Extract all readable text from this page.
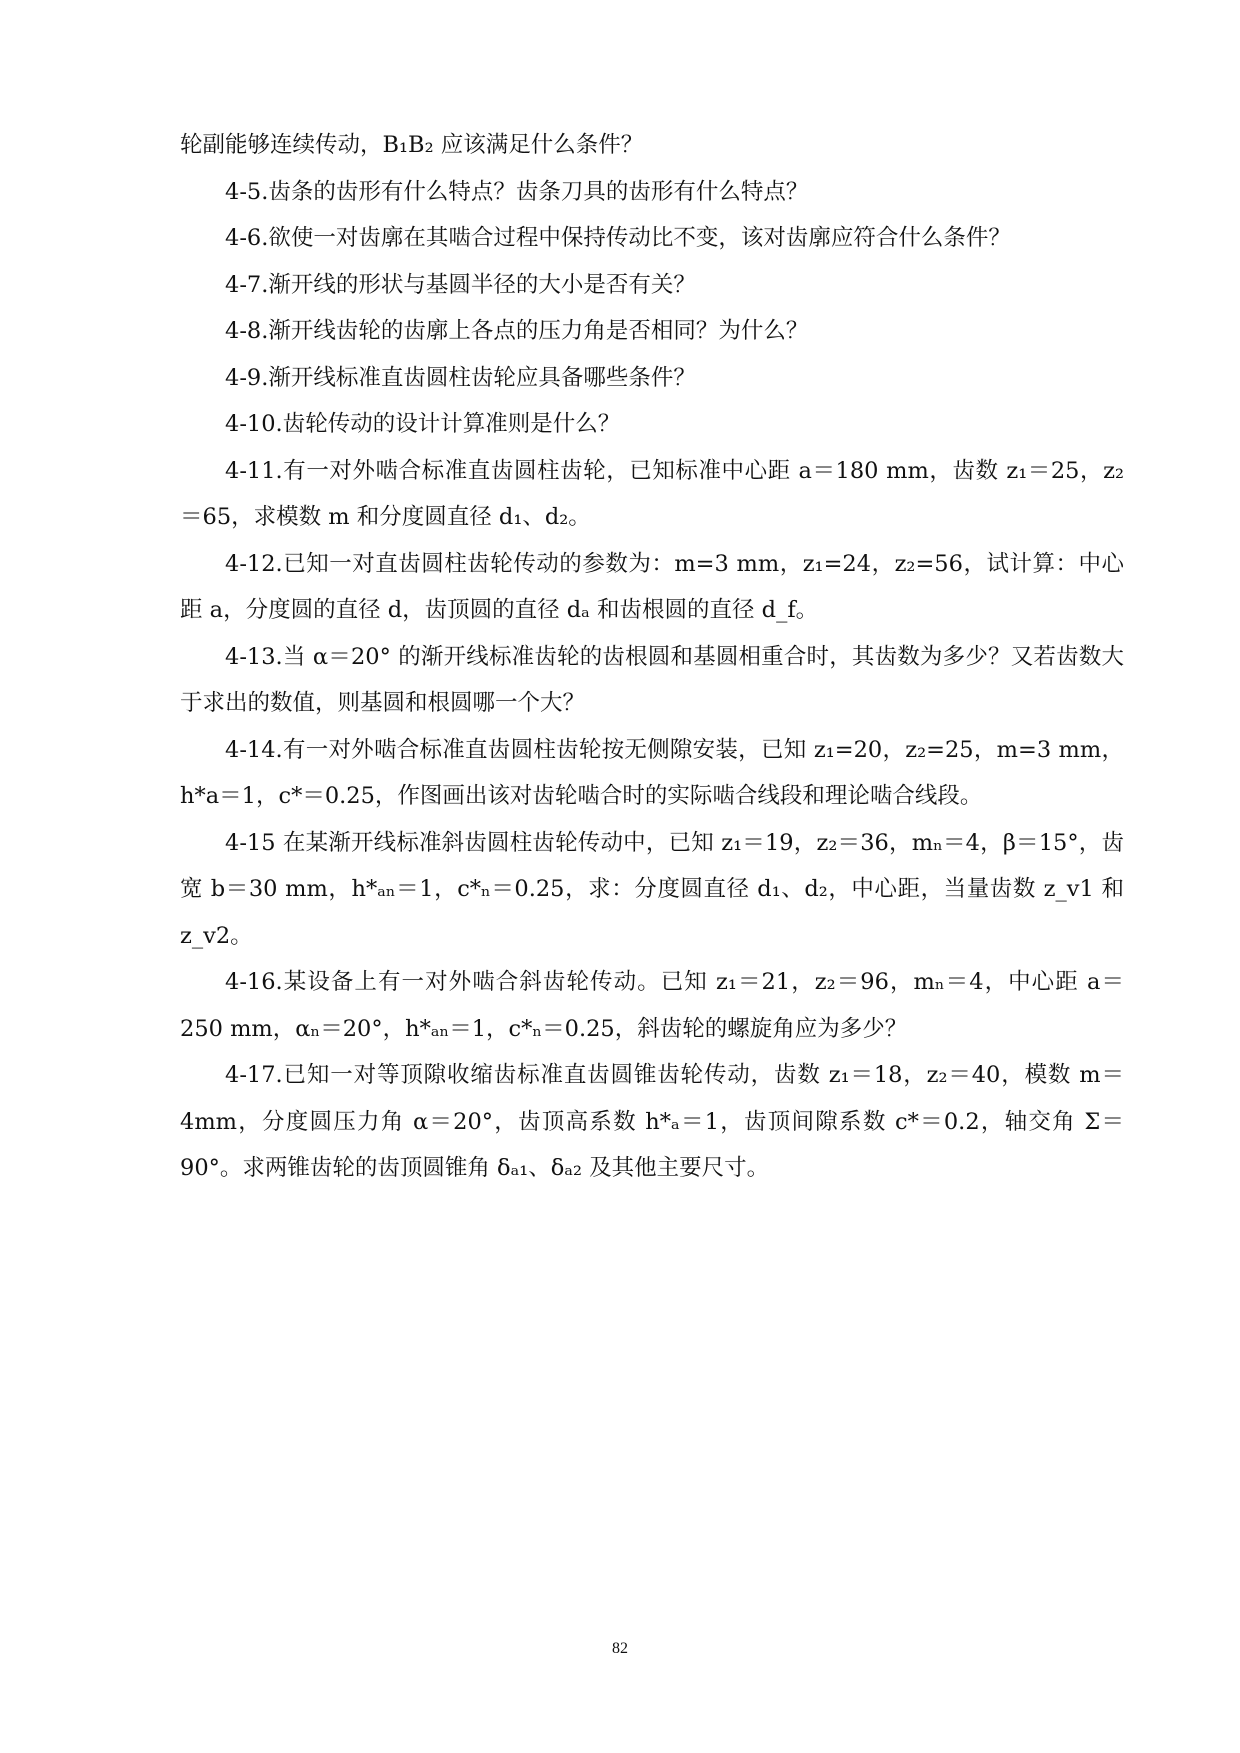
轮副能够连续传动，B₁B₂ 应该满足什么条件？

4-5.齿条的齿形有什么特点？齿条刀具的齿形有什么特点？

4-6.欲使一对齿廓在其啮合过程中保持传动比不变，该对齿廓应符合什么条件？

4-7.渐开线的形状与基圆半径的大小是否有关？

4-8.渐开线齿轮的齿廓上各点的压力角是否相同？为什么？

4-9.渐开线标准直齿圆柱齿轮应具备哪些条件？

4-10.齿轮传动的设计计算准则是什么？

4-11.有一对外啮合标准直齿圆柱齿轮，已知标准中心距 a＝180 mm，齿数 z₁＝25，z₂＝65，求模数 m 和分度圆直径 d₁、d₂。

4-12.已知一对直齿圆柱齿轮传动的参数为：m=3 mm，z₁=24，z₂=56，试计算：中心距 a，分度圆的直径 d，齿顶圆的直径 dₐ 和齿根圆的直径 d_f。

4-13.当 α＝20° 的渐开线标准齿轮的齿根圆和基圆相重合时，其齿数为多少？又若齿数大于求出的数值，则基圆和根圆哪一个大？

4-14.有一对外啮合标准直齿圆柱齿轮按无侧隙安装，已知 z₁=20，z₂=25，m=3 mm，h*a＝1，c*＝0.25，作图画出该对齿轮啮合时的实际啮合线段和理论啮合线段。

4-15 在某渐开线标准斜齿圆柱齿轮传动中，已知 z₁＝19，z₂＝36，mₙ＝4，β＝15°，齿宽 b＝30 mm，h*ₐₙ＝1，c*ₙ＝0.25，求：分度圆直径 d₁、d₂，中心距，当量齿数 z_v1 和 z_v2。

4-16.某设备上有一对外啮合斜齿轮传动。已知 z₁＝21，z₂＝96，mₙ＝4，中心距 a＝250 mm，αₙ＝20°，h*ₐₙ＝1，c*ₙ＝0.25，斜齿轮的螺旋角应为多少？

4-17.已知一对等顶隙收缩齿标准直齿圆锥齿轮传动，齿数 z₁＝18，z₂＝40，模数 m＝4mm，分度圆压力角 α＝20°，齿顶高系数 h*ₐ＝1，齿顶间隙系数 c*＝0.2，轴交角 Σ＝90°。求两锥齿轮的齿顶圆锥角 δₐ₁、δₐ₂ 及其他主要尺寸。

82
